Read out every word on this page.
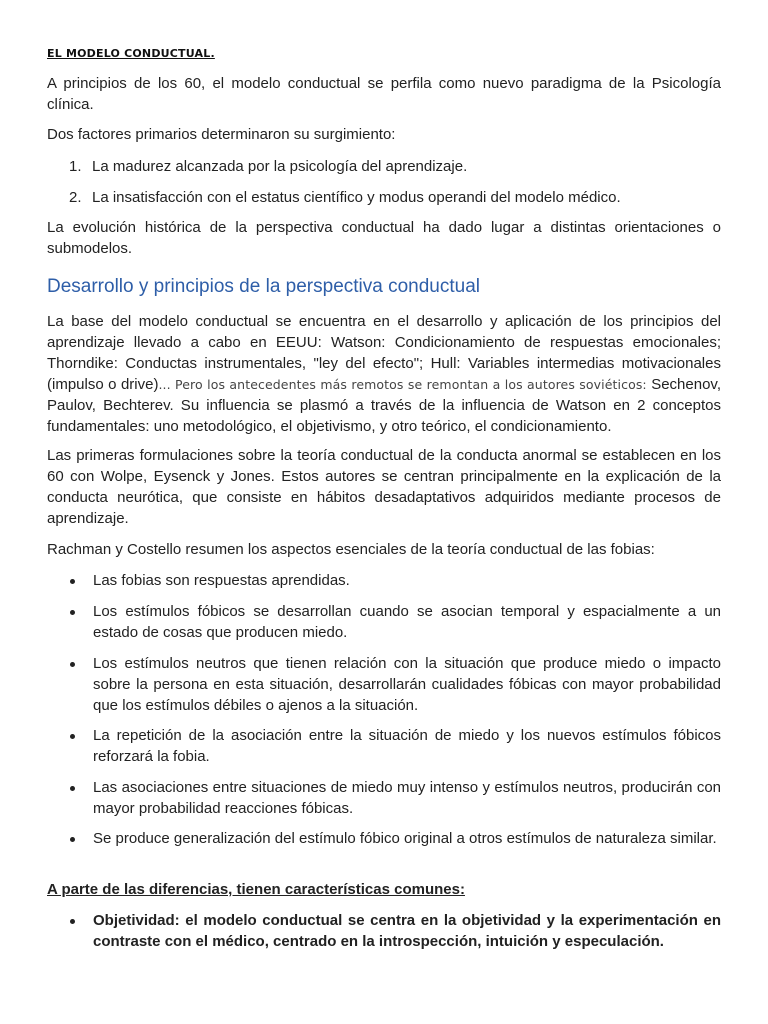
EL MODELO CONDUCTUAL.

A principios de los 60, el modelo conductual se perfila como nuevo paradigma de la Psicología clínica.

Dos factores primarios determinaron su surgimiento:

1. La madurez alcanzada por la psicología del aprendizaje.
2. La insatisfacción con el estatus científico y modus operandi del modelo médico.

La evolución histórica de la perspectiva conductual ha dado lugar a distintas orientaciones o submodelos.

Desarrollo y principios de la perspectiva conductual

La base del modelo conductual se encuentra en el desarrollo y aplicación de los principios del aprendizaje llevado a cabo en EEUU: Watson: Condicionamiento de respuestas emocionales; Thorndike: Conductas instrumentales, "ley del efecto"; Hull: Variables intermedias motivacionales (impulso o drive)... Pero los antecedentes más remotos se remontan a los autores soviéticos: Sechenov, Paulov, Bechterev. Su influencia se plasmó a través de la influencia de Watson en 2 conceptos fundamentales: uno metodológico, el objetivismo, y otro teórico, el condicionamiento.

Las primeras formulaciones sobre la teoría conductual de la conducta anormal se establecen en los 60 con Wolpe, Eysenck y Jones. Estos autores se centran principalmente en la explicación de la conducta neurótica, que consiste en hábitos desadaptativos adquiridos mediante procesos de aprendizaje.

Rachman y Costello resumen los aspectos esenciales de la teoría conductual de las fobias:

Las fobias son respuestas aprendidas.
Los estímulos fóbicos se desarrollan cuando se asocian temporal y espacialmente a un estado de cosas que producen miedo.
Los estímulos neutros que tienen relación con la situación que produce miedo o impacto sobre la persona en esta situación, desarrollarán cualidades fóbicas con mayor probabilidad que los estímulos débiles o ajenos a la situación.
La repetición de la asociación entre la situación de miedo y los nuevos estímulos fóbicos reforzará la fobia.
Las asociaciones entre situaciones de miedo muy intenso y estímulos neutros, producirán con mayor probabilidad reacciones fóbicas.
Se produce generalización del estímulo fóbico original a otros estímulos de naturaleza similar.
A parte de las diferencias, tienen características comunes:
Objetividad: el modelo conductual se centra en la objetividad y la experimentación en contraste con el médico, centrado en la introspección, intuición y especulación.
